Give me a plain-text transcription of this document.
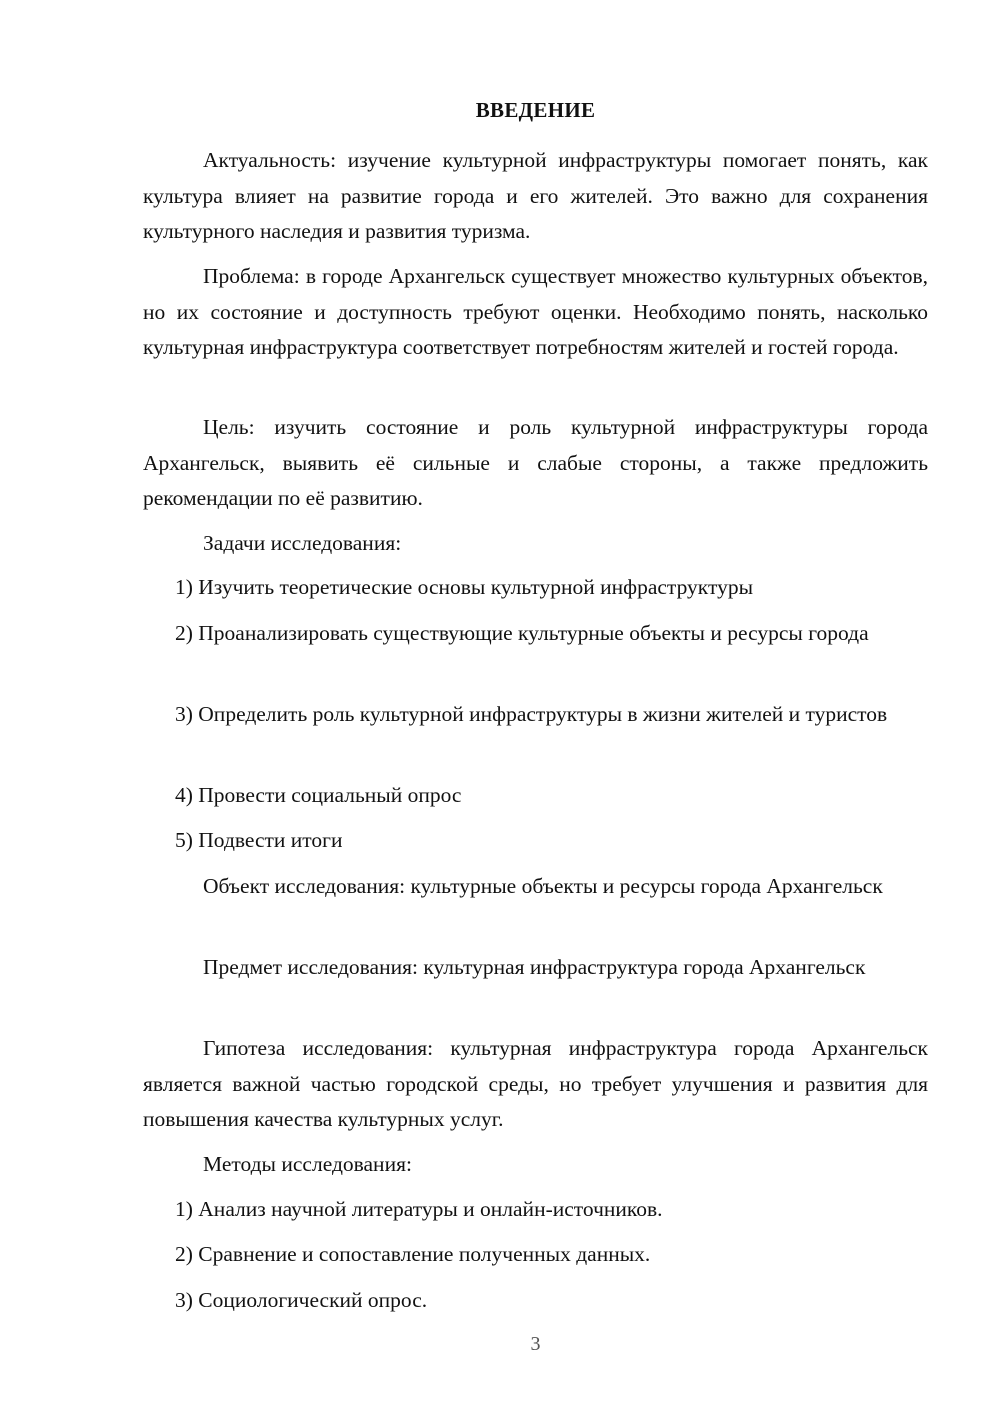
ВВЕДЕНИЕ

Актуальность: изучение культурной инфраструктуры помогает понять, как культура влияет на развитие города и его жителей. Это важно для сохранения культурного наследия и развития туризма.

Проблема: в городе Архангельск существует множество культурных объектов, но их состояние и доступность требуют оценки. Необходимо понять, насколько культурная инфраструктура соответствует потребностям жителей и гостей города.

Цель: изучить состояние и роль культурной инфраструктуры города Архангельск, выявить её сильные и слабые стороны, а также предложить рекомендации по её развитию.

Задачи исследования:

1) Изучить теоретические основы культурной инфраструктуры

2) Проанализировать существующие культурные объекты и ресурсы города

3) Определить роль культурной инфраструктуры в жизни жителей и туристов

4) Провести социальный опрос

5) Подвести итоги

Объект исследования: культурные объекты и ресурсы города Архангельск

Предмет исследования: культурная инфраструктура города Архангельск

Гипотеза исследования: культурная инфраструктура города Архангельск является важной частью городской среды, но требует улучшения и развития для повышения качества культурных услуг.

Методы исследования:

1) Анализ научной литературы и онлайн-источников.

2) Сравнение и сопоставление полученных данных.

3) Социологический опрос.

3
